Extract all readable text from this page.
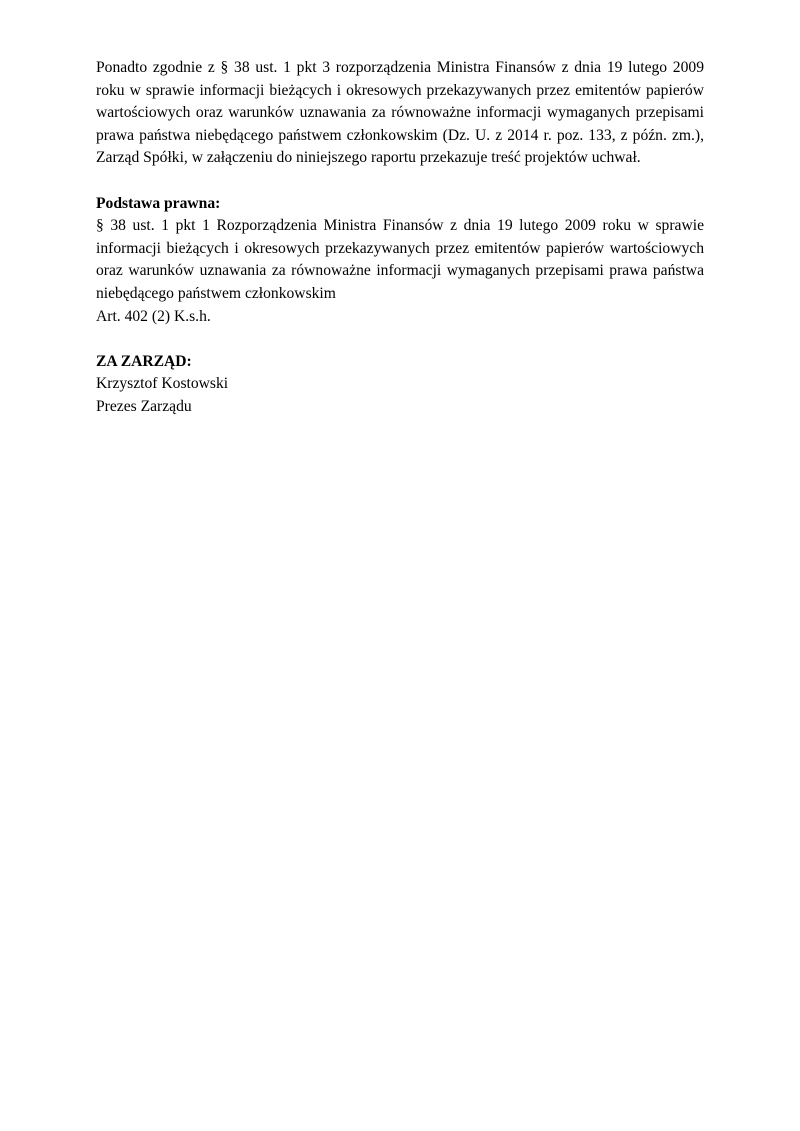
Ponadto zgodnie z § 38 ust. 1 pkt 3 rozporządzenia Ministra Finansów z dnia 19 lutego 2009 roku w sprawie informacji bieżących i okresowych przekazywanych przez emitentów papierów wartościowych oraz warunków uznawania za równoważne informacji wymaganych przepisami prawa państwa niebędącego państwem członkowskim (Dz. U. z 2014 r. poz. 133, z późn. zm.), Zarząd Spółki, w załączeniu do niniejszego raportu przekazuje treść projektów uchwał.

Podstawa prawna:

§ 38 ust. 1 pkt 1 Rozporządzenia Ministra Finansów z dnia 19 lutego 2009 roku w sprawie informacji bieżących i okresowych przekazywanych przez emitentów papierów wartościowych oraz warunków uznawania za równoważne informacji wymaganych przepisami prawa państwa niebędącego państwem członkowskim

Art. 402 (2) K.s.h.

ZA ZARZĄD:

Krzysztof Kostowski

Prezes Zarządu
